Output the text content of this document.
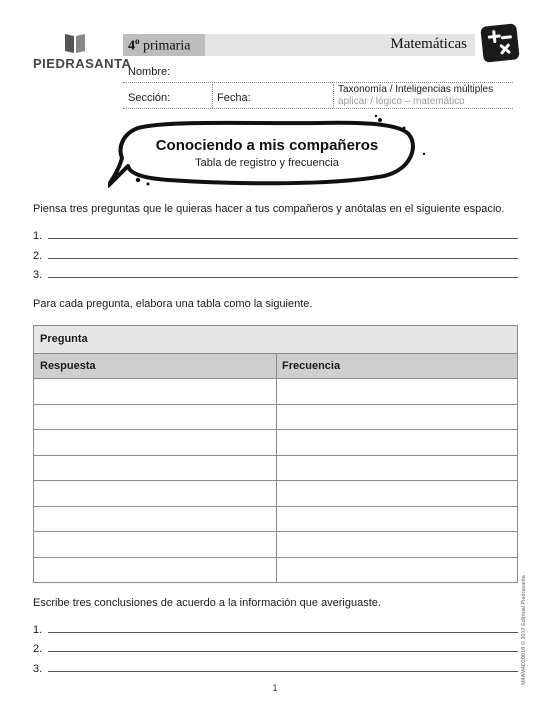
PIEDRASANTA
4$^o$ primaria	Matemáticas
Nombre:
Sección:	Fecha:
Taxonomía / Inteligencias múltiples
aplicar / lógico – matemático
Conociendo a mis compañeros
Tabla de registro y frecuencia
Piensa tres preguntas que le quieras hacer a tus compañeros y anótalas en el siguiente espacio.
1.
2.
3.
Para cada pregunta, elabora una tabla como la siguiente.
Pregunta
Respuesta	Frecuencia
Escribe tres conclusiones de acuerdo a la información que averiguaste.
1.
2.
3.	M4AM4D20018 © 2017 Editorial Piedrasanta
1
